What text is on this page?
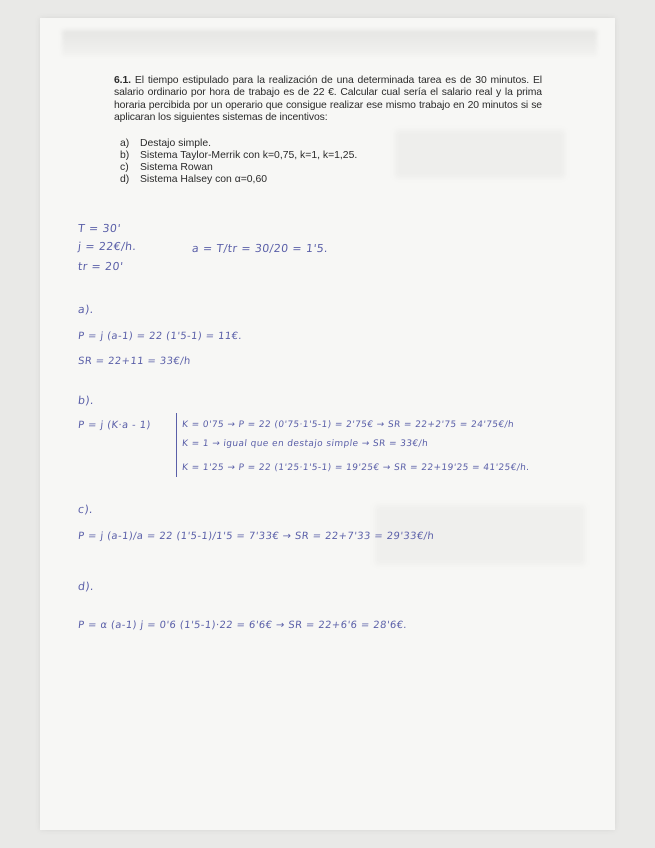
6.1. El tiempo estipulado para la realización de una determinada tarea es de 30 minutos. El salario ordinario por hora de trabajo es de 22 €. Calcular cual sería el salario real y la prima horaria percibida por un operario que consigue realizar ese mismo trabajo en 20 minutos si se aplicaran los siguientes sistemas de incentivos:
a) Destajo simple.
b) Sistema Taylor-Merrik con k=0,75, k=1, k=1,25.
c) Sistema Rowan
d) Sistema Halsey con α=0,60
T = 30'
j = 22€/h.
tr = 20'
a = T/tr = 30/20 = 1'5.
a).
P = j (a-1) = 22 (1'5-1) = 11€.
SR = 22+11 = 33€/h
b).
P = j (K·a - 1)	K = 0'75 → P = 22 (0'75·1'5-1) = 2'75€ → SR = 22+2'75 = 24'75€/h
K = 1 → igual que en destajo simple → SR = 33€/h
K = 1'25 → P = 22 (1'25·1'5-1) = 19'25€ → SR = 22+19'25 = 41'25€/h.
c).
P = j (a-1)/a = 22 (1'5-1)/1'5 = 7'33€ → SR = 22+7'33 = 29'33€/h
d).
P = α (a-1) j = 0'6 (1'5-1)·22 = 6'6€ → SR = 22+6'6 = 28'6€.
